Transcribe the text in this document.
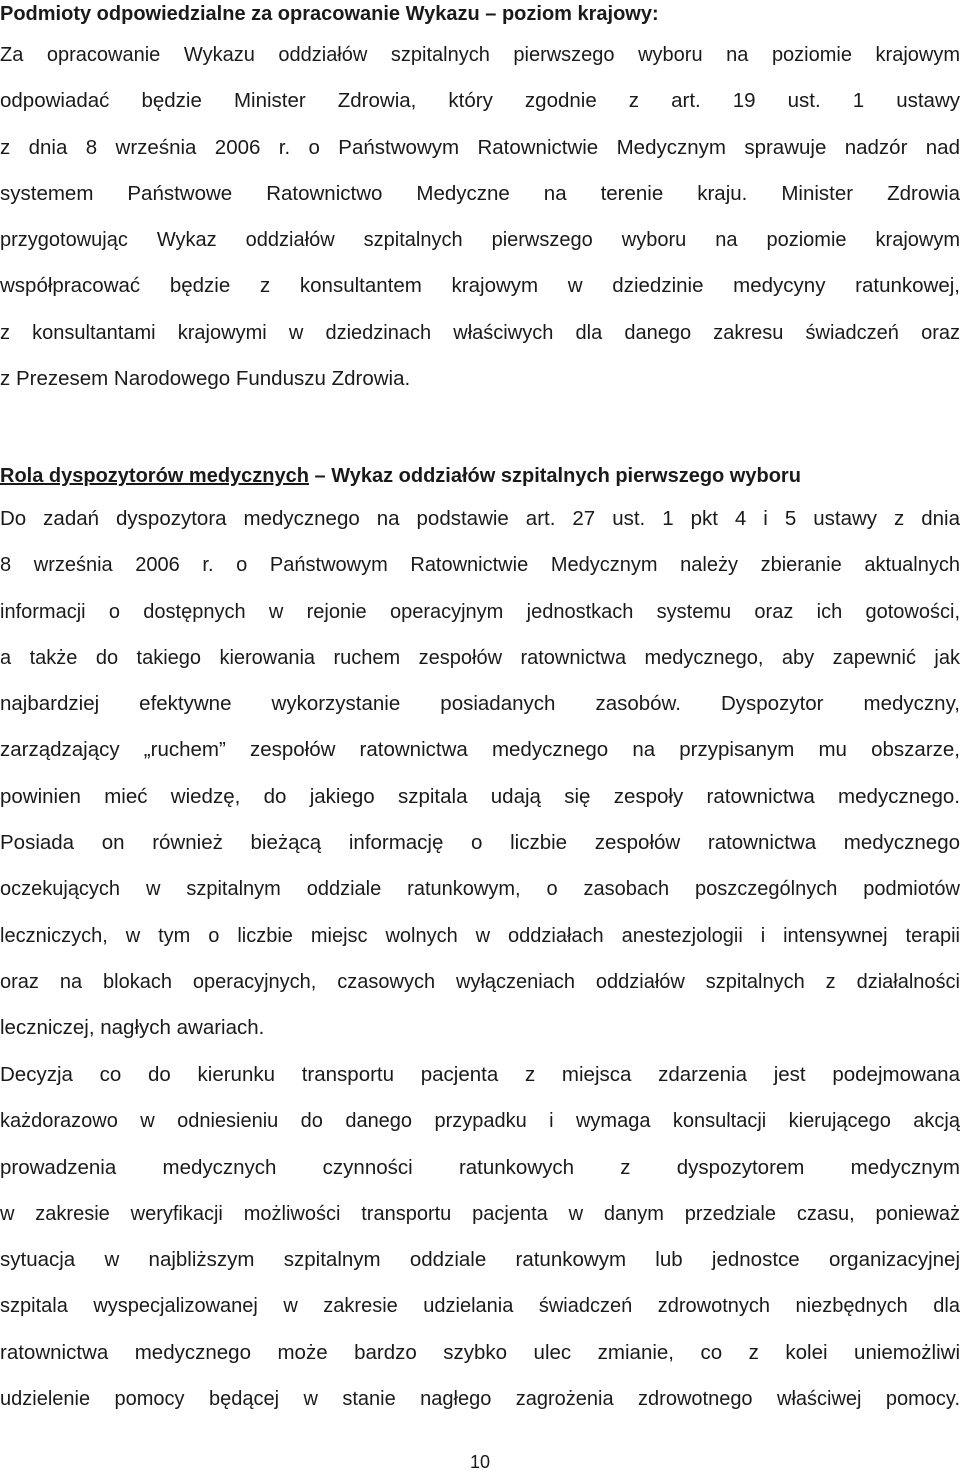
Podmioty odpowiedzialne za opracowanie Wykazu – poziom krajowy:
Za opracowanie Wykazu oddziałów szpitalnych pierwszego wyboru na poziomie krajowym
odpowiadać będzie Minister Zdrowia, który zgodnie z art. 19 ust. 1 ustawy
z dnia 8 września 2006 r. o Państwowym Ratownictwie Medycznym sprawuje nadzór nad
systemem Państwowe Ratownictwo Medyczne na terenie kraju. Minister Zdrowia
przygotowując Wykaz oddziałów szpitalnych pierwszego wyboru na poziomie krajowym
współpracować będzie z konsultantem krajowym w dziedzinie medycyny ratunkowej,
z konsultantami krajowymi w dziedzinach właściwych dla danego zakresu świadczeń oraz
z Prezesem Narodowego Funduszu Zdrowia.
Rola dyspozytorów medycznych – Wykaz oddziałów szpitalnych pierwszego wyboru
Do zadań dyspozytora medycznego na podstawie art. 27 ust. 1 pkt 4 i 5 ustawy z dnia
8 września 2006 r. o Państwowym Ratownictwie Medycznym należy zbieranie aktualnych
informacji o dostępnych w rejonie operacyjnym jednostkach systemu oraz ich gotowości,
a także do takiego kierowania ruchem zespołów ratownictwa medycznego, aby zapewnić jak
najbardziej efektywne wykorzystanie posiadanych zasobów. Dyspozytor medyczny,
zarządzający „ruchem” zespołów ratownictwa medycznego na przypisanym mu obszarze,
powinien mieć wiedzę, do jakiego szpitala udają się zespoły ratownictwa medycznego.
Posiada on również bieżącą informację o liczbie zespołów ratownictwa medycznego
oczekujących w szpitalnym oddziale ratunkowym, o zasobach poszczególnych podmiotów
leczniczych, w tym o liczbie miejsc wolnych w oddziałach anestezjologii i intensywnej terapii
oraz na blokach operacyjnych, czasowych wyłączeniach oddziałów szpitalnych z działalności
leczniczej, nagłych awariach.
Decyzja co do kierunku transportu pacjenta z miejsca zdarzenia jest podejmowana
każdorazowo w odniesieniu do danego przypadku i wymaga konsultacji kierującego akcją
prowadzenia medycznych czynności ratunkowych z dyspozytorem medycznym
w zakresie weryfikacji możliwości transportu pacjenta w danym przedziale czasu, ponieważ
sytuacja w najbliższym szpitalnym oddziale ratunkowym lub jednostce organizacyjnej
szpitala wyspecjalizowanej w zakresie udzielania świadczeń zdrowotnych niezbędnych dla
ratownictwa medycznego może bardzo szybko ulec zmianie, co z kolei uniemożliwi
udzielenie pomocy będącej w stanie nagłego zagrożenia zdrowotnego właściwej pomocy.
10
